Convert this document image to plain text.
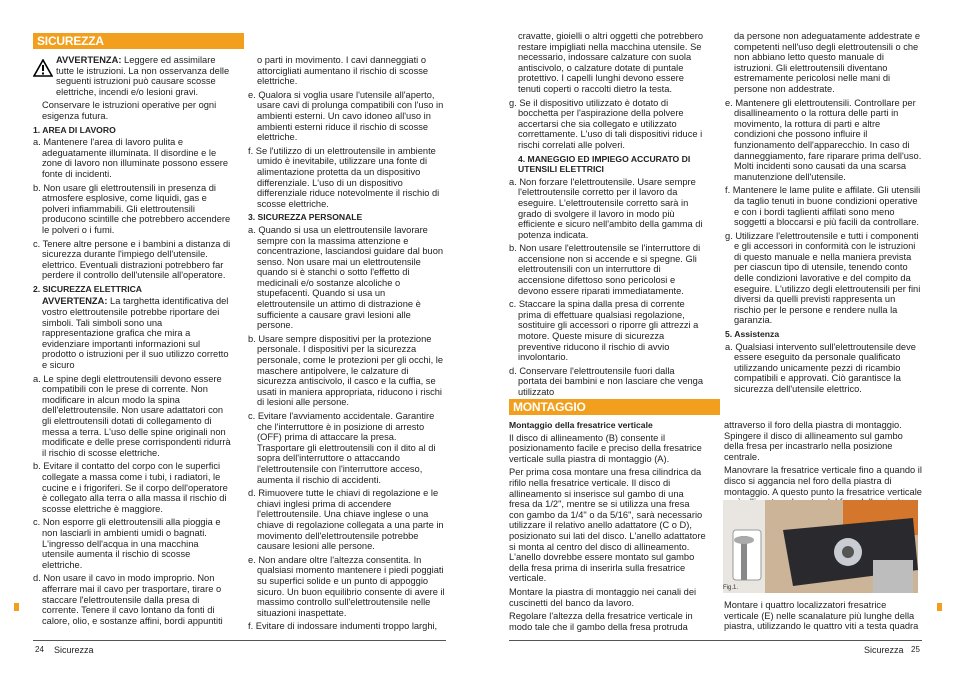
SICUREZZA
MONTAGGIO
AVVERTENZA: Leggere ed assimilare tutte le istruzioni. La non osservanza delle seguenti istruzioni può causare scosse elettriche, incendi e/o lesioni gravi.
Conservare le istruzioni operative per ogni esigenza futura.
1. AREA DI LAVORO
a. Mantenere l'area di lavoro pulita e adeguatamente illuminata. Il disordine e le zone di lavoro non illuminate possono essere fonte di incidenti.
b. Non usare gli elettroutensili in presenza di atmosfere esplosive, come liquidi, gas e polveri infiammabili. Gli elettroutensili producono scintille che potrebbero accendere le polveri o i fumi.
c. Tenere altre persone e i bambini a distanza di sicurezza durante l'impiego dell'utensile. elettrico. Eventuali distrazioni potrebbero far perdere il controllo dell'utensile all'operatore.
2. SICUREZZA ELETTRICA
AVVERTENZA: La targhetta identificativa del vostro elettroutensile potrebbe riportare dei simboli. Tali simboli sono una rappresentazione grafica che mira a evidenziare importanti informazioni sul prodotto o istruzioni per il suo utilizzo corretto e sicuro
a. Le spine degli elettroutensili devono essere compatibili con le prese di corrente. Non modificare in alcun modo la spina dell'elettroutensile. Non usare adattatori con gli elettroutensili dotati di collegamento di messa a terra. L'uso delle spine originali non modificate e delle prese corrispondenti ridurrà il rischio di scosse elettriche.
b. Evitare il contatto del corpo con le superfici collegate a massa come i tubi, i radiatori, le cucine e i frigoriferi. Se il corpo dell'operatore è collegato alla terra o alla massa il rischio di scosse elettriche è maggiore.
c. Non esporre gli elettroutensili alla pioggia e non lasciarli in ambienti umidi o bagnati. L'ingresso dell'acqua in una macchina utensile aumenta il rischio di scosse elettriche.
d. Non usare il cavo in modo improprio. Non afferrare mai il cavo per trasportare, tirare o staccare l'elettroutensile dalla presa di corrente. Tenere il cavo lontano da fonti di calore, olio, e sostanze affini, bordi appuntiti
o parti in movimento. I cavi danneggiati o attorcigliati aumentano il rischio di scosse elettriche.
e. Qualora si voglia usare l'utensile all'aperto, usare cavi di prolunga compatibili con l'uso in ambienti esterni. Un cavo idoneo all'uso in ambienti esterni riduce il rischio di scosse elettriche.
f. Se l'utilizzo di un elettroutensile in ambiente umido è inevitabile, utilizzare una fonte di alimentazione protetta da un dispositivo differenziale. L'uso di un dispositivo differenziale riduce notevolmente il rischio di scosse elettriche.
3. SICUREZZA PERSONALE
a. Quando si usa un elettroutensile lavorare sempre con la massima attenzione e concentrazione, lasciandosi guidare dal buon senso. Non usare mai un elettroutensile quando si è stanchi o sotto l'effetto di medicinali e/o sostanze alcoliche o stupefacenti. Quando si usa un elettroutensile un attimo di distrazione è sufficiente a causare gravi lesioni alle persone.
b. Usare sempre dispositivi per la protezione personale. I dispositivi per la sicurezza personale, come le protezioni per gli occhi, le maschere antipolvere, le calzature di sicurezza antiscivolo, il casco e la cuffia, se usati in maniera appropriata, riducono i rischi di lesioni alle persone.
c. Evitare l'avviamento accidentale. Garantire che l'interruttore è in posizione di arresto (OFF) prima di attaccare la presa. Trasportare gli elettroutensili con il dito al di sopra dell'interruttore o attaccando l'elettroutensile con l'interruttore acceso, aumenta il rischio di accidenti.
d. Rimuovere tutte le chiavi di regolazione e le chiavi inglesi prima di accendere l'elettroutensile. Una chiave inglese o una chiave di regolazione collegata a una parte in movimento dell'elettroutensile potrebbe causare lesioni alle persone.
e. Non andare oltre l'altezza consentita. In qualsiasi momento mantenere i piedi poggiati su superfici solide e un punto di appoggio sicuro. Un buon equilibrio consente di avere il massimo controllo sull'elettroutensile nelle situazioni inaspettate.
f. Evitare di indossare indumenti troppo larghi,
cravatte, gioielli o altri oggetti che potrebbero restare impigliati nella macchina utensile. Se necessario, indossare calzature con suola antiscivolo, o calzature dotate di puntale protettivo. I capelli lunghi devono essere tenuti coperti o raccolti dietro la testa.
g. Se il dispositivo utilizzato è dotato di bocchetta per l'aspirazione della polvere accertarsi che sia collegato e utilizzato correttamente. L'uso di tali dispositivi riduce i rischi correlati alle polveri.
4. MANEGGIO ED IMPIEGO ACCURATO DI UTENSILI ELETTRICI
a. Non forzare l'elettroutensile. Usare sempre l'elettroutensile corretto per il lavoro da eseguire. L'elettroutensile corretto sarà in grado di svolgere il lavoro in modo più efficiente e sicuro nell'ambito della gamma di potenza indicata.
b. Non usare l'elettroutensile se l'interruttore di accensione non si accende e si spegne. Gli elettroutensili con un interruttore di accensione difettoso sono pericolosi e devono essere riparati immediatamente.
c. Staccare la spina dalla presa di corrente prima di effettuare qualsiasi regolazione, sostituire gli accessori o riporre gli attrezzi a motore. Queste misure di sicurezza preventive riducono il rischio di avvio involontario.
d. Conservare l'elettroutensile fuori dalla portata dei bambini e non lasciare che venga utilizzato
da persone non adeguatamente addestrate e competenti nell'uso degli elettroutensili o che non abbiano letto questo manuale di istruzioni. Gli elettroutensili diventano estremamente pericolosi nelle mani di persone non addestrate.
e. Mantenere gli elettroutensili. Controllare per disallineamento o la rottura delle parti in movimento, la rottura di parti e altre condizioni che possono influire il funzionamento dell'apparecchio. In caso di danneggiamento, fare riparare prima dell'uso. Molti incidenti sono causati da una scarsa manutenzione dell'utensile.
f. Mantenere le lame pulite e affilate. Gli utensili da taglio tenuti in buone condizioni operative e con i bordi taglienti affilati sono meno soggetti a bloccarsi e più facili da controllare.
g. Utilizzare l'elettroutensile e tutti i componenti e gli accessori in conformità con le istruzioni di questo manuale e nella maniera prevista per ciascun tipo di utensile, tenendo conto delle condizioni lavorative e del compito da eseguire. L'utilizzo degli elettroutensili per fini diversi da quelli previsti rappresenta un rischio per le persone e rendere nulla la garanzia.
5. Assistenza
a. Qualsiasi intervento sull'elettroutensile deve essere eseguito da personale qualificato utilizzando unicamente pezzi di ricambio compatibili e approvati. Ciò garantisce la sicurezza dell'utensile elettrico.
Montaggio della fresatrice verticale
Il disco di allineamento (B) consente il posizionamento facile e preciso della fresatrice verticale sulla piastra di montaggio (A).
Per prima cosa montare una fresa cilindrica da rifilo nella fresatrice verticale. Il disco di allineamento si inserisce sul gambo di una fresa da 1/2", mentre se si utilizza una fresa con gambo da 1/4" o da 5/16", sarà necessario utilizzare il relativo anello adattatore (C o D), posizionato sui lati del disco. L'anello adattatore si monta al centro del disco di allineamento. L'anello dovrebbe essere montato sul gambo della fresa prima di inserirla sulla fresatrice verticale.
Montare la piastra di montaggio nei canali dei cuscinetti del banco da lavoro.
Regolare l'altezza della fresatrice verticale in modo tale che il gambo della fresa protruda
attraverso il foro della piastra di montaggio. Spingere il disco di allineamento sul gambo della fresa per incastrarlo nella posizione centrale.
Manovrare la fresatrice verticale fino a quando il disco si aggancia nel foro della piastra di montaggio. A questo punto la fresatrice verticale
Fig.1.
Montare i quattro localizzatori fresatrice verticale (E) nelle scanalature più lunghe della piastra, utilizzando le quattro viti a testa quadra
24 Sicurezza	Sicurezza 25
